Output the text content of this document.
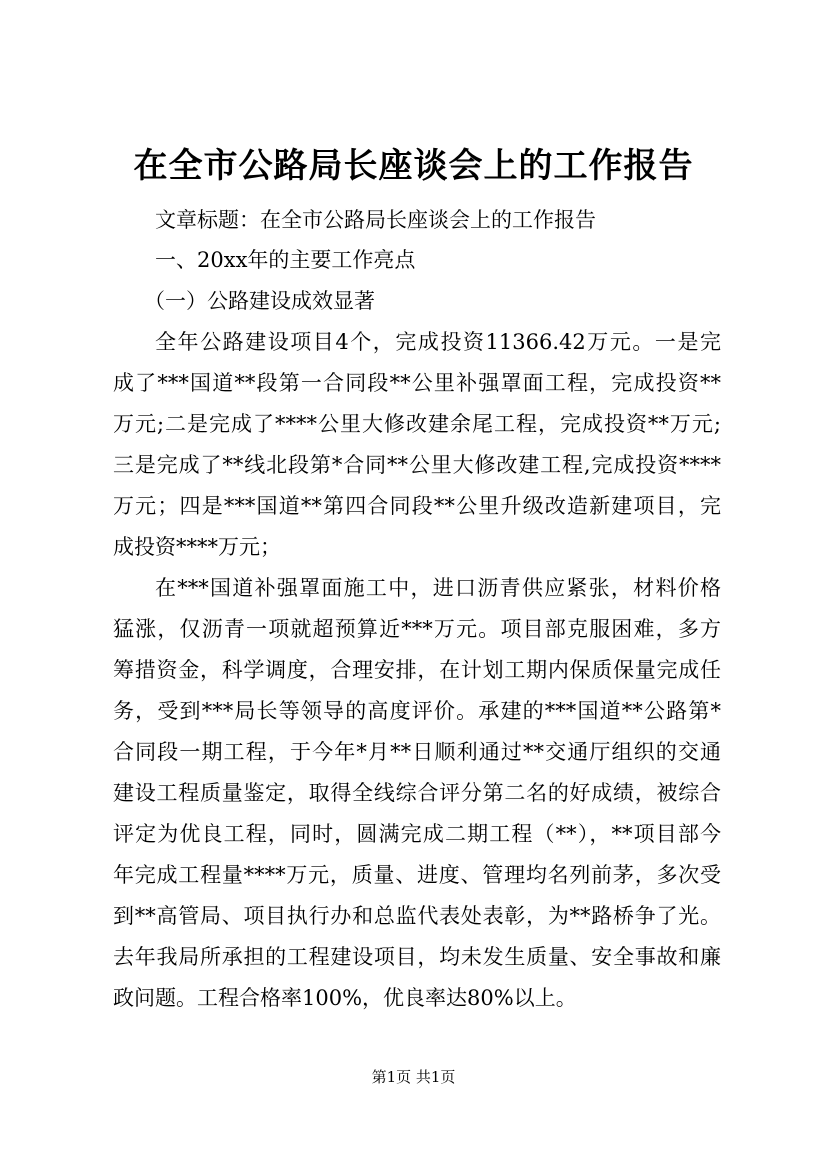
在全市公路局长座谈会上的工作报告
文章标题：在全市公路局长座谈会上的工作报告
一、20xx年的主要工作亮点
（一）公路建设成效显著
全年公路建设项目4个，完成投资11366.42万元。一是完
成了***国道**段第一合同段**公里补强罩面工程，完成投资**
万元;二是完成了****公里大修改建余尾工程，完成投资**万元;
三是完成了**线北段第*合同**公里大修改建工程,完成投资****
万元；四是***国道**第四合同段**公里升级改造新建项目，完
成投资****万元；
在***国道补强罩面施工中，进口沥青供应紧张，材料价格
猛涨，仅沥青一项就超预算近***万元。项目部克服困难，多方
筹措资金，科学调度，合理安排，在计划工期内保质保量完成任
务，受到***局长等领导的高度评价。承建的***国道**公路第*
合同段一期工程，于今年*月**日顺利通过**交通厅组织的交通
建设工程质量鉴定，取得全线综合评分第二名的好成绩，被综合
评定为优良工程，同时，圆满完成二期工程（**），**项目部今
年完成工程量****万元，质量、进度、管理均名列前茅，多次受
到**高管局、项目执行办和总监代表处表彰，为**路桥争了光。
去年我局所承担的工程建设项目，均未发生质量、安全事故和廉
政问题。工程合格率100%，优良率达80%以上。
第1页 共1页
